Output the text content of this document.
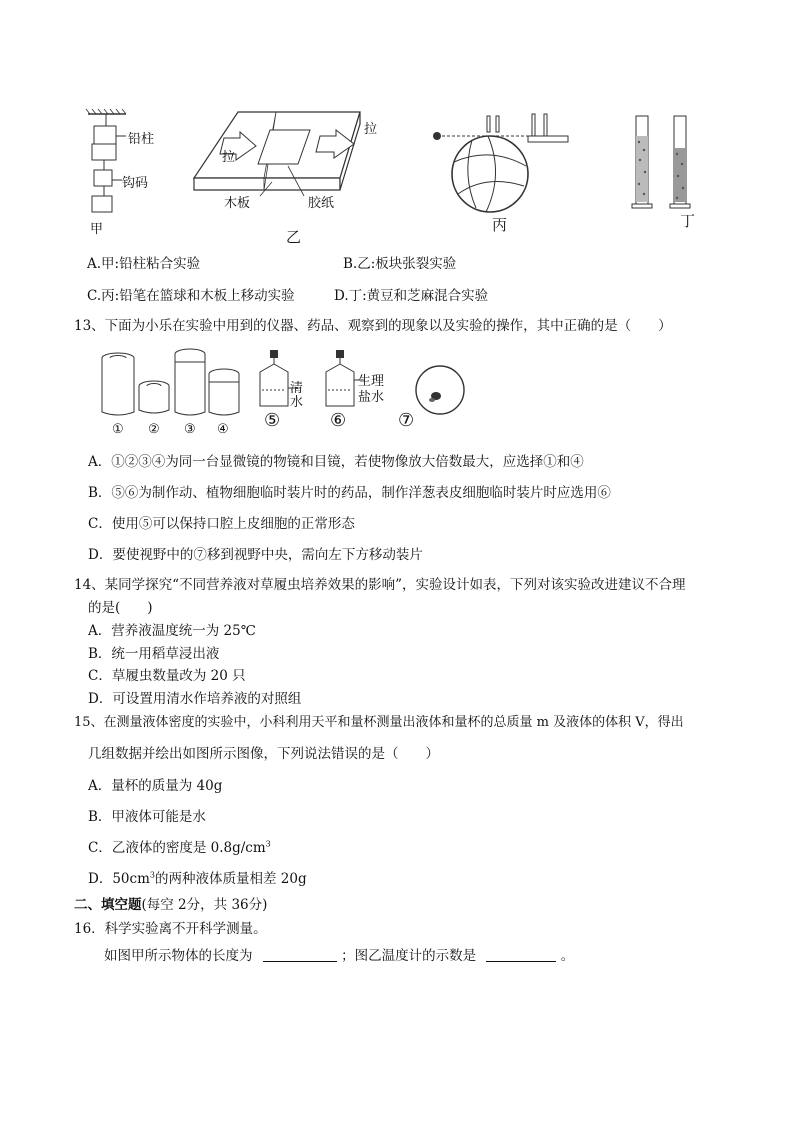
铅柱
钩码
甲
拉
拉
木板	胶纸
乙
丙	丁
A.甲:铅柱粘合实验	B.乙:板块张裂实验
C.丙:铅笔在篮球和木板上移动实验	D.丁:黄豆和芝麻混合实验
13、下面为小乐在实验中用到的仪器、药品、观察到的现象以及实验的操作，其中正确的是（　　）
① ② ③ ④
清水
生理盐水
⑤	⑥	⑦
A．①②③④为同一台显微镜的物镜和目镜，若使物像放大倍数最大，应选择①和④
B．⑤⑥为制作动、植物细胞临时装片时的药品，制作洋葱表皮细胞临时装片时应选用⑥
C．使用⑤可以保持口腔上皮细胞的正常形态
D．要使视野中的⑦移到视野中央，需向左下方移动装片
14、某同学探究“不同营养液对草履虫培养效果的影响”，实验设计如表，下列对该实验改进建议不合理
的是(　　)
A．营养液温度统一为 25℃
B．统一用稻草浸出液
C．草履虫数量改为 20 只
D．可设置用清水作培养液的对照组
15、在测量液体密度的实验中，小科利用天平和量杯测量出液体和量杯的总质量 m 及液体的体积 V，得出
几组数据并绘出如图所示图像，下列说法错误的是（　　）
A．量杯的质量为 40g
B．甲液体可能是水
C．乙液体的密度是 $0.8g/cm^3$
D．$50cm^3$的两种液体质量相差 20g
二、填空题(每空 2分，共 36分)
16．科学实验离不开科学测量。
如图甲所示物体的长度为	；图乙温度计的示数是	。
